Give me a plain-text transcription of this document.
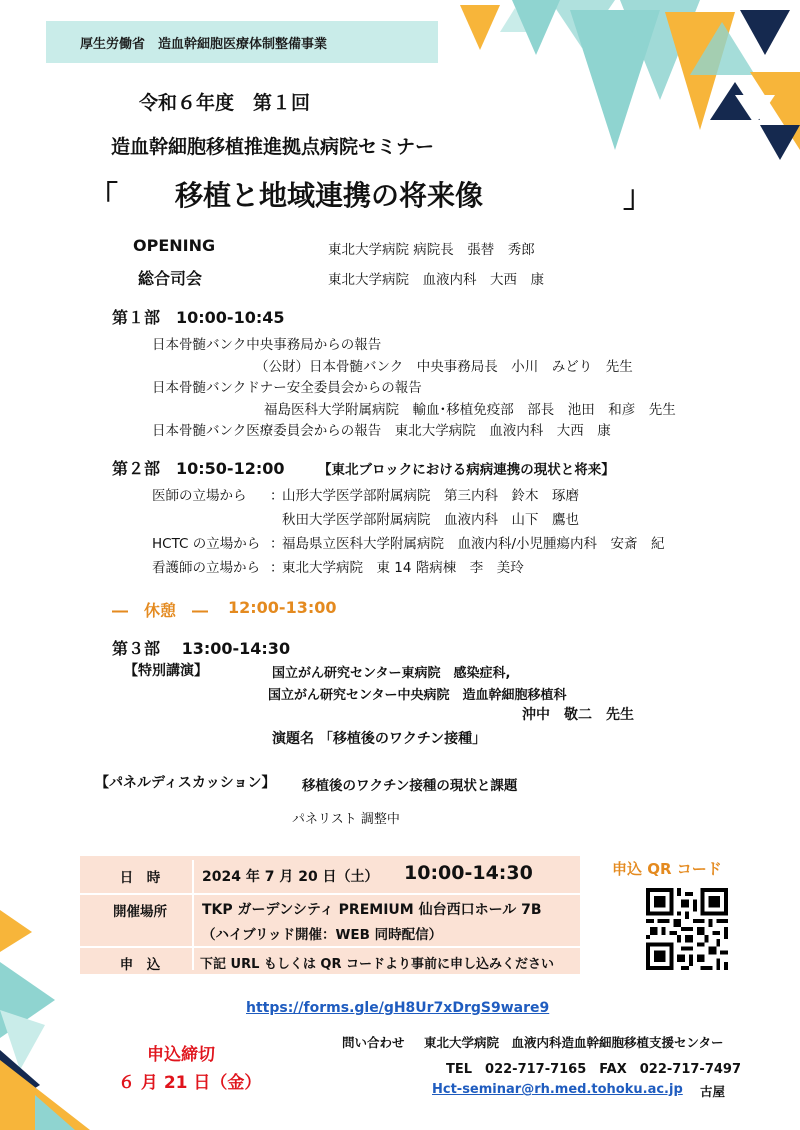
厚生労働省　造血幹細胞医療体制整備事業
令和６年度　第１回
造血幹細胞移植推進拠点病院セミナー
「 移植と地域連携の将来像	」
OPENING	東北大学病院 病院長　張替　秀郎
総合司会	東北大学病院　血液内科　大西　康
第１部　10:00-10:45
日本骨髄バンク中央事務局からの報告
（公財）日本骨髄バンク　中央事務局長　小川　みどり　先生
日本骨髄バンクドナー安全委員会からの報告
福島医科大学附属病院　輸血･移植免疫部　部長　池田　和彦　先生
日本骨髄バンク医療委員会からの報告　東北大学病院　血液内科　大西　康
第２部　10:50-12:00 【東北ブロックにおける病病連携の現状と将来】
医師の立場から ：
山形大学医学部附属病院　第三内科　鈴木　琢磨
秋田大学医学部附属病院　血液内科　山下　鷹也
HCTC の立場から ：
福島県立医科大学附属病院　血液内科/小児腫瘍内科　安斎　紀
看護師の立場から ：
東北大学病院　東 14 階病棟　李　美玲
―　休憩　― 12:00-13:00
第３部　 13:00-14:30
【特別講演】	国立がん研究センター東病院　感染症科,
国立がん研究センター中央病院　造血幹細胞移植科
沖中　敬二　先生
演題名 「移植後のワクチン接種」
【パネルディスカッション】 移植後のワクチン接種の現状と課題
パネリスト 調整中
日　時	2024 年 7 月 20 日（土） 10:00-14:30
開催場所	TKP ガーデンシティ PREMIUM 仙台西口ホール 7B
（ハイブリッド開催：WEB 同時配信）
申　込	下記 URL もしくは QR コードより事前に申し込みください
申込 QR コード
https://forms.gle/gH8Ur7xDrgS9ware9
申込締切
６ 月 21 日（金）
問い合わせ 東北大学病院　血液内科造血幹細胞移植支援センター
TEL　022-717-7165　FAX　022-717-7497
Hct-seminar@rh.med.tohoku.ac.jp 古屋
